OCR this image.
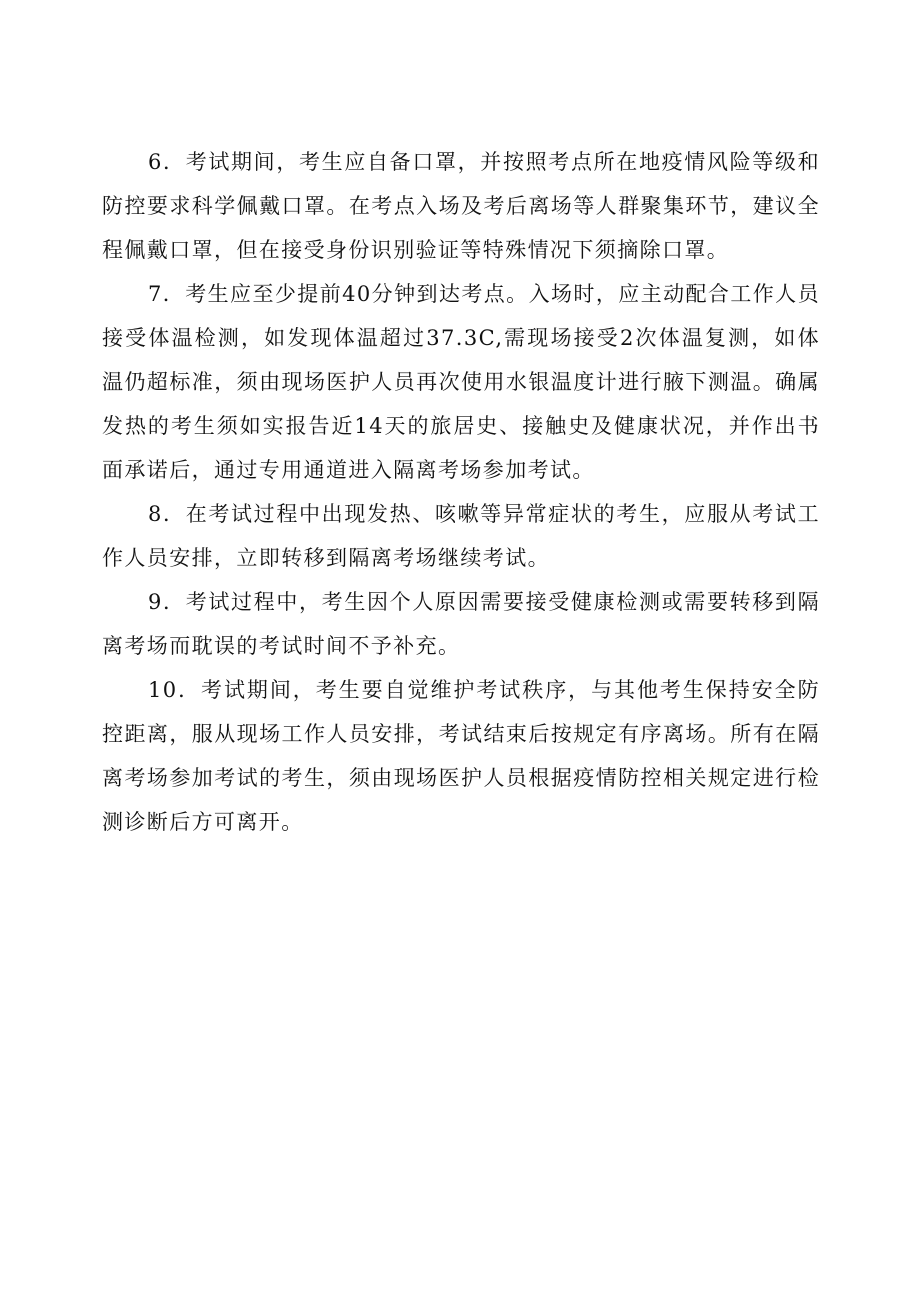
6．考试期间，考生应自备口罩，并按照考点所在地疫情风险等级和防控要求科学佩戴口罩。在考点入场及考后离场等人群聚集环节，建议全程佩戴口罩，但在接受身份识别验证等特殊情况下须摘除口罩。

7．考生应至少提前40分钟到达考点。入场时，应主动配合工作人员接受体温检测，如发现体温超过37.3C,需现场接受2次体温复测，如体温仍超标准，须由现场医护人员再次使用水银温度计进行腋下测温。确属发热的考生须如实报告近14天的旅居史、接触史及健康状况，并作出书面承诺后，通过专用通道进入隔离考场参加考试。

8．在考试过程中出现发热、咳嗽等异常症状的考生，应服从考试工作人员安排，立即转移到隔离考场继续考试。

9．考试过程中，考生因个人原因需要接受健康检测或需要转移到隔离考场而耽误的考试时间不予补充。

10．考试期间，考生要自觉维护考试秩序，与其他考生保持安全防控距离，服从现场工作人员安排，考试结束后按规定有序离场。所有在隔离考场参加考试的考生，须由现场医护人员根据疫情防控相关规定进行检测诊断后方可离开。
